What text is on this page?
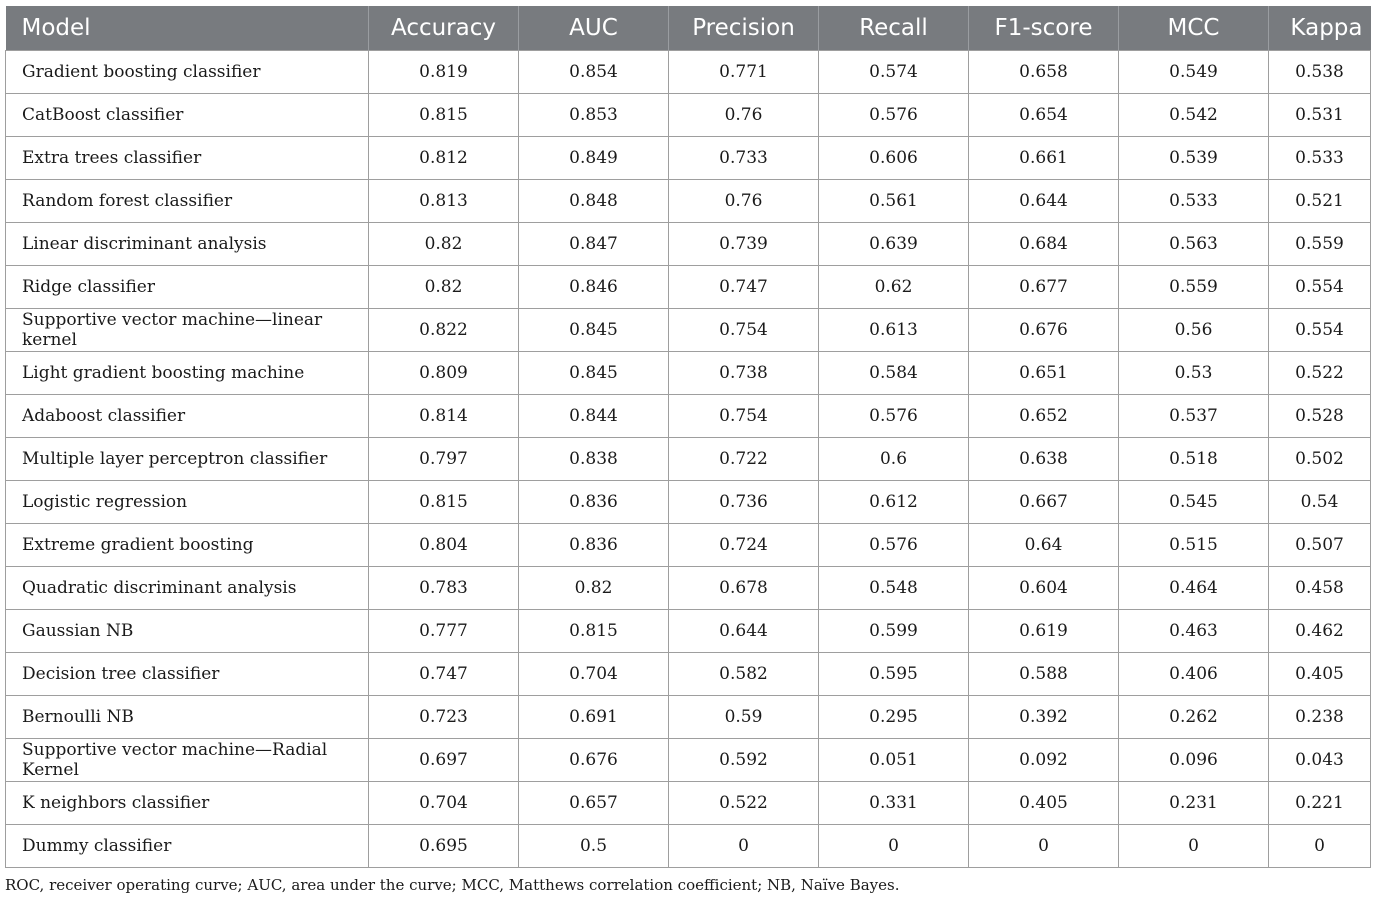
Model	Accuracy	AUC	Precision	Recall	F1-score	MCC	Kappa
Gradient boosting classifier	0.819	0.854	0.771	0.574	0.658	0.549	0.538
CatBoost classifier	0.815	0.853	0.76	0.576	0.654	0.542	0.531
Extra trees classifier	0.812	0.849	0.733	0.606	0.661	0.539	0.533
Random forest classifier	0.813	0.848	0.76	0.561	0.644	0.533	0.521
Linear discriminant analysis	0.82	0.847	0.739	0.639	0.684	0.563	0.559
Ridge classifier	0.82	0.846	0.747	0.62	0.677	0.559	0.554
Supportive vector machine—linear kernel	0.822	0.845	0.754	0.613	0.676	0.56	0.554
Light gradient boosting machine	0.809	0.845	0.738	0.584	0.651	0.53	0.522
Adaboost classifier	0.814	0.844	0.754	0.576	0.652	0.537	0.528
Multiple layer perceptron classifier	0.797	0.838	0.722	0.6	0.638	0.518	0.502
Logistic regression	0.815	0.836	0.736	0.612	0.667	0.545	0.54
Extreme gradient boosting	0.804	0.836	0.724	0.576	0.64	0.515	0.507
Quadratic discriminant analysis	0.783	0.82	0.678	0.548	0.604	0.464	0.458
Gaussian NB	0.777	0.815	0.644	0.599	0.619	0.463	0.462
Decision tree classifier	0.747	0.704	0.582	0.595	0.588	0.406	0.405
Bernoulli NB	0.723	0.691	0.59	0.295	0.392	0.262	0.238
Supportive vector machine—Radial Kernel	0.697	0.676	0.592	0.051	0.092	0.096	0.043
K neighbors classifier	0.704	0.657	0.522	0.331	0.405	0.231	0.221
Dummy classifier	0.695	0.5	0	0	0	0	0
ROC, receiver operating curve; AUC, area under the curve; MCC, Matthews correlation coefficient; NB, Naïve Bayes.
